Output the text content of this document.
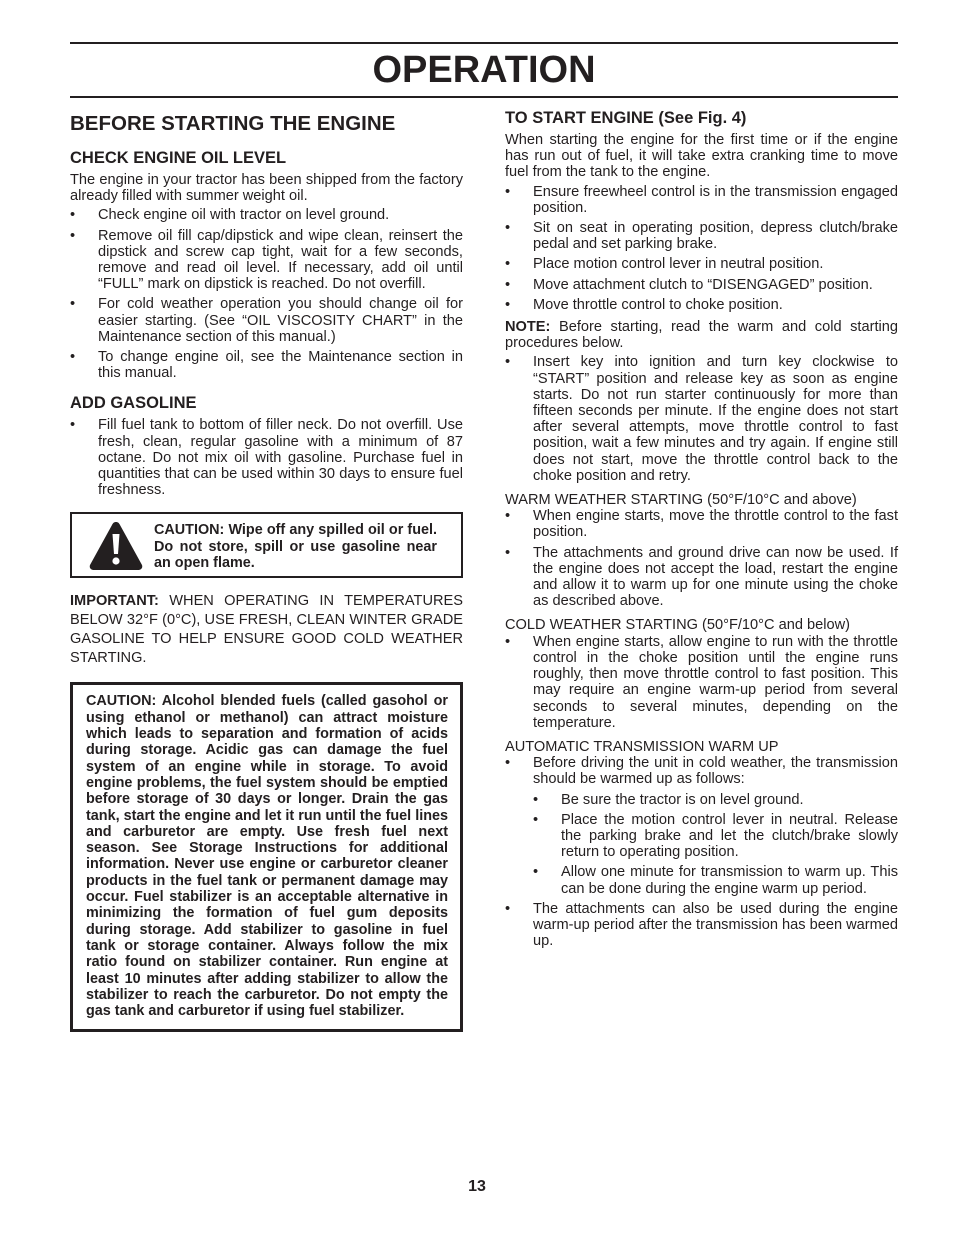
OPERATION
BEFORE STARTING THE ENGINE
CHECK ENGINE OIL LEVEL

The engine in your tractor has been shipped from the factory already filled with summer weight oil.

• Check engine oil with tractor on level ground.
• Remove oil fill cap/dipstick and wipe clean, reinsert the dipstick and screw cap tight, wait for a few seconds, remove and read oil level. If necessary, add oil until “FULL” mark on dipstick is reached. Do not overfill.
• For cold weather operation you should change oil for easier starting. (See “OIL VISCOSITY CHART” in the Maintenance section of this manual.)
• To change engine oil, see the Maintenance section in this manual.
ADD GASOLINE
• Fill fuel tank to bottom of filler neck. Do not overfill. Use fresh, clean, regular gasoline with a minimum of 87 octane. Do not mix oil with gasoline. Purchase fuel in quantities that can be used within 30 days to ensure fuel freshness.
CAUTION: Wipe off any spilled oil or fuel. Do not store, spill or use gasoline near an open flame.
IMPORTANT: WHEN OPERATING IN TEMPERATURES BELOW 32°F (0°C), USE FRESH, CLEAN WINTER GRADE GASOLINE TO HELP ENSURE GOOD COLD WEATHER STARTING.
CAUTION: Alcohol blended fuels (called gasohol or using ethanol or methanol) can attract moisture which leads to separation and formation of acids during storage. Acidic gas can damage the fuel system of an engine while in storage. To avoid engine problems, the fuel system should be emptied before storage of 30 days or longer. Drain the gas tank, start the engine and let it run until the fuel lines and carburetor are empty. Use fresh fuel next season. See Storage Instructions for additional information. Never use engine or carburetor cleaner products in the fuel tank or permanent damage may occur. Fuel stabilizer is an acceptable alternative in minimizing the formation of fuel gum deposits during storage. Add stabilizer to gasoline in fuel tank or storage container. Always follow the mix ratio found on stabilizer container. Run engine at least 10 minutes after adding stabilizer to allow the stabilizer to reach the carburetor. Do not empty the gas tank and carburetor if using fuel stabilizer.
TO START ENGINE (See Fig. 4)

When starting the engine for the first time or if the engine has run out of fuel, it will take extra cranking time to move fuel from the tank to the engine.

• Ensure freewheel control is in the transmission engaged position.
• Sit on seat in operating position, depress clutch/brake pedal and set parking brake.
• Place motion control lever in neutral position.
• Move attachment clutch to “DISENGAGED” position.
• Move throttle control to choke position.

NOTE: Before starting, read the warm and cold starting procedures below.

• Insert key into ignition and turn key clockwise to “START” position and release key as soon as engine starts. Do not run starter continuously for more than fifteen seconds per minute. If the engine does not start after several attempts, move throttle control to fast position, wait a few minutes and try again. If engine still does not start, move the throttle control back to the choke position and retry.
WARM WEATHER STARTING (50°F/10°C and above)
• When engine starts, move the throttle control to the fast position.
• The attachments and ground drive can now be used. If the engine does not accept the load, restart the engine and allow it to warm up for one minute using the choke as described above.
COLD WEATHER STARTING (50°F/10°C and below)
• When engine starts, allow engine to run with the throttle control in the choke position until the engine runs roughly, then move throttle control to fast position. This may require an engine warm-up period from several seconds to several minutes, depending on the temperature.
AUTOMATIC TRANSMISSION WARM UP
• Before driving the unit in cold weather, the transmission should be warmed up as follows:
• Be sure the tractor is on level ground.
• Place the motion control lever in neutral. Release the parking brake and let the clutch/brake slowly return to operating position.
• Allow one minute for transmission to warm up. This can be done during the engine warm up period.
• The attachments can also be used during the engine warm-up period after the transmission has been warmed up.
13
